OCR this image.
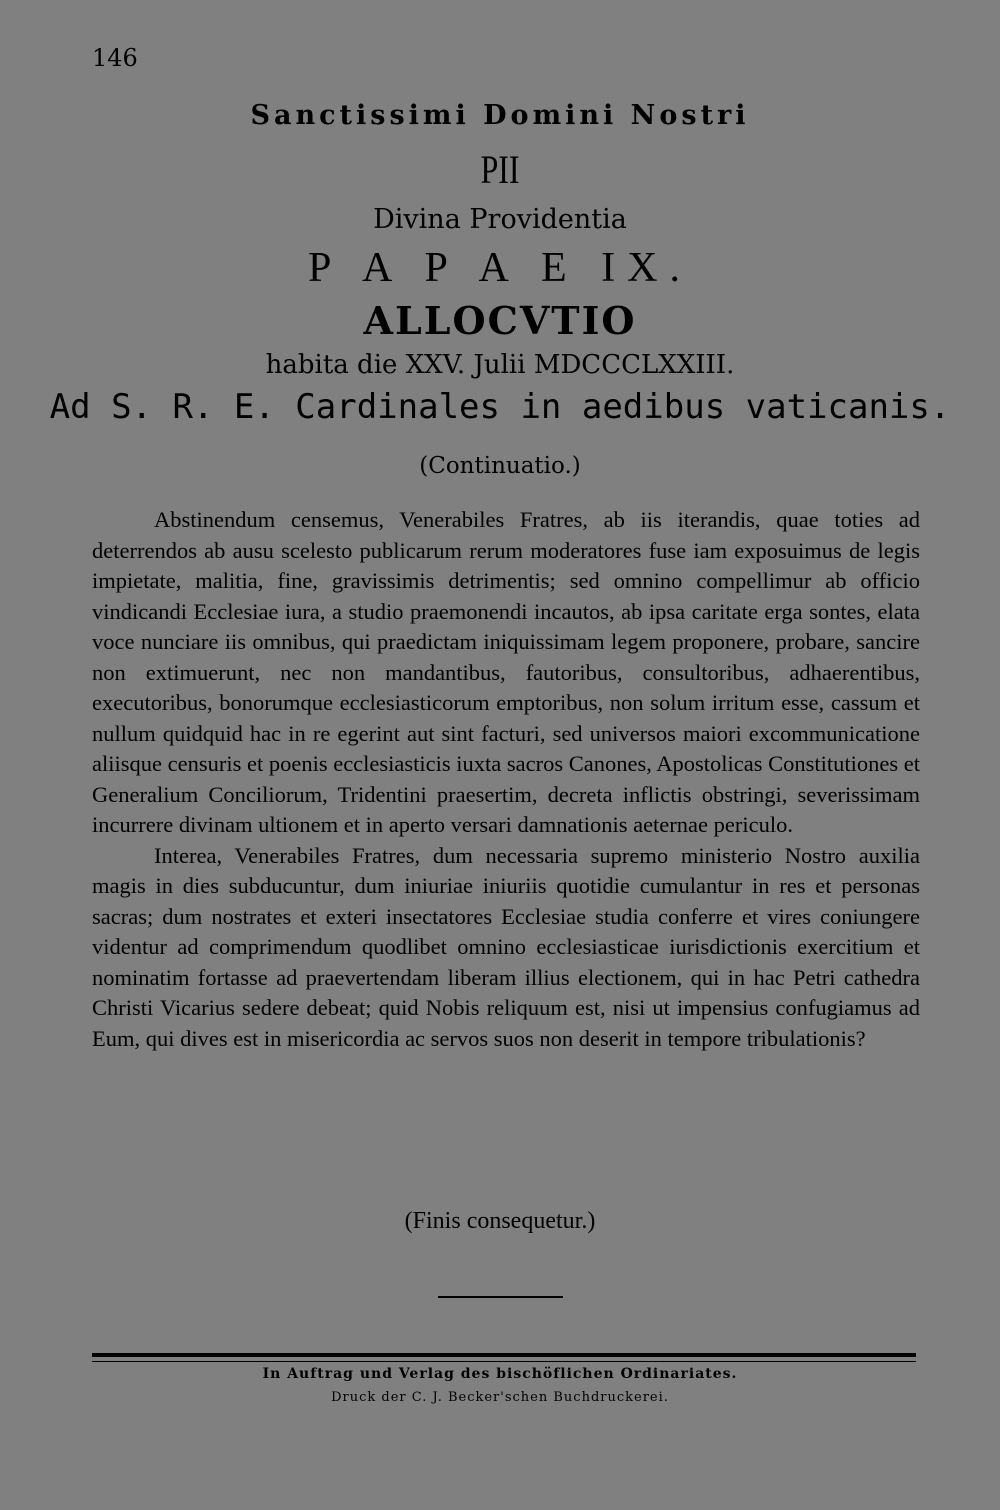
146
Sanctissimi Domini Nostri
PII
Divina Providentia
P A P A E IX.
ALLOCVTIO
habita die XXV. Julii MDCCCLXXIII.
Ad S. R. E. Cardinales in aedibus vaticanis.
(Continuatio.)

Abstinendum censemus, Venerabiles Fratres, ab iis iterandis, quae toties ad deterrendos ab ausu scelesto publicarum rerum moderatores fuse iam exposuimus de legis impietate, malitia, fine, gravissimis detrimentis; sed omnino compellimur ab officio vindicandi Ecclesiae iura, a studio praemonendi incautos, ab ipsa caritate erga sontes, elata voce nunciare iis omnibus, qui praedictam iniquissimam legem proponere, probare, sancire non extimuerunt, nec non mandantibus, fautoribus, consultoribus, adhaerentibus, executoribus, bonorumque ecclesiasticorum emptoribus, non solum irritum esse, cassum et nullum quidquid hac in re egerint aut sint facturi, sed universos maiori excommunicatione aliisque censuris et poenis ecclesiasticis iuxta sacros Canones, Apostolicas Constitutiones et Generalium Conciliorum, Tridentini praesertim, decreta inflictis obstringi, severissimam incurrere divinam ultionem et in aperto versari damnationis aeternae periculo.

Interea, Venerabiles Fratres, dum necessaria supremo ministerio Nostro auxilia magis in dies subducuntur, dum iniuriae iniuriis quotidie cumulantur in res et personas sacras; dum nostrates et exteri insectatores Ecclesiae studia conferre et vires coniungere videntur ad comprimendum quodlibet omnino ecclesiasticae iurisdictionis exercitium et nominatim fortasse ad praevertendam liberam illius electionem, qui in hac Petri cathedra Christi Vicarius sedere debeat; quid Nobis reliquum est, nisi ut impensius confugiamus ad Eum, qui dives est in misericordia ac servos suos non deserit in tempore tribulationis?

(Finis consequetur.)
In Auftrag und Verlag des bischöflichen Ordinariates.
Druck der C. J. Becker'schen Buchdruckerei.
